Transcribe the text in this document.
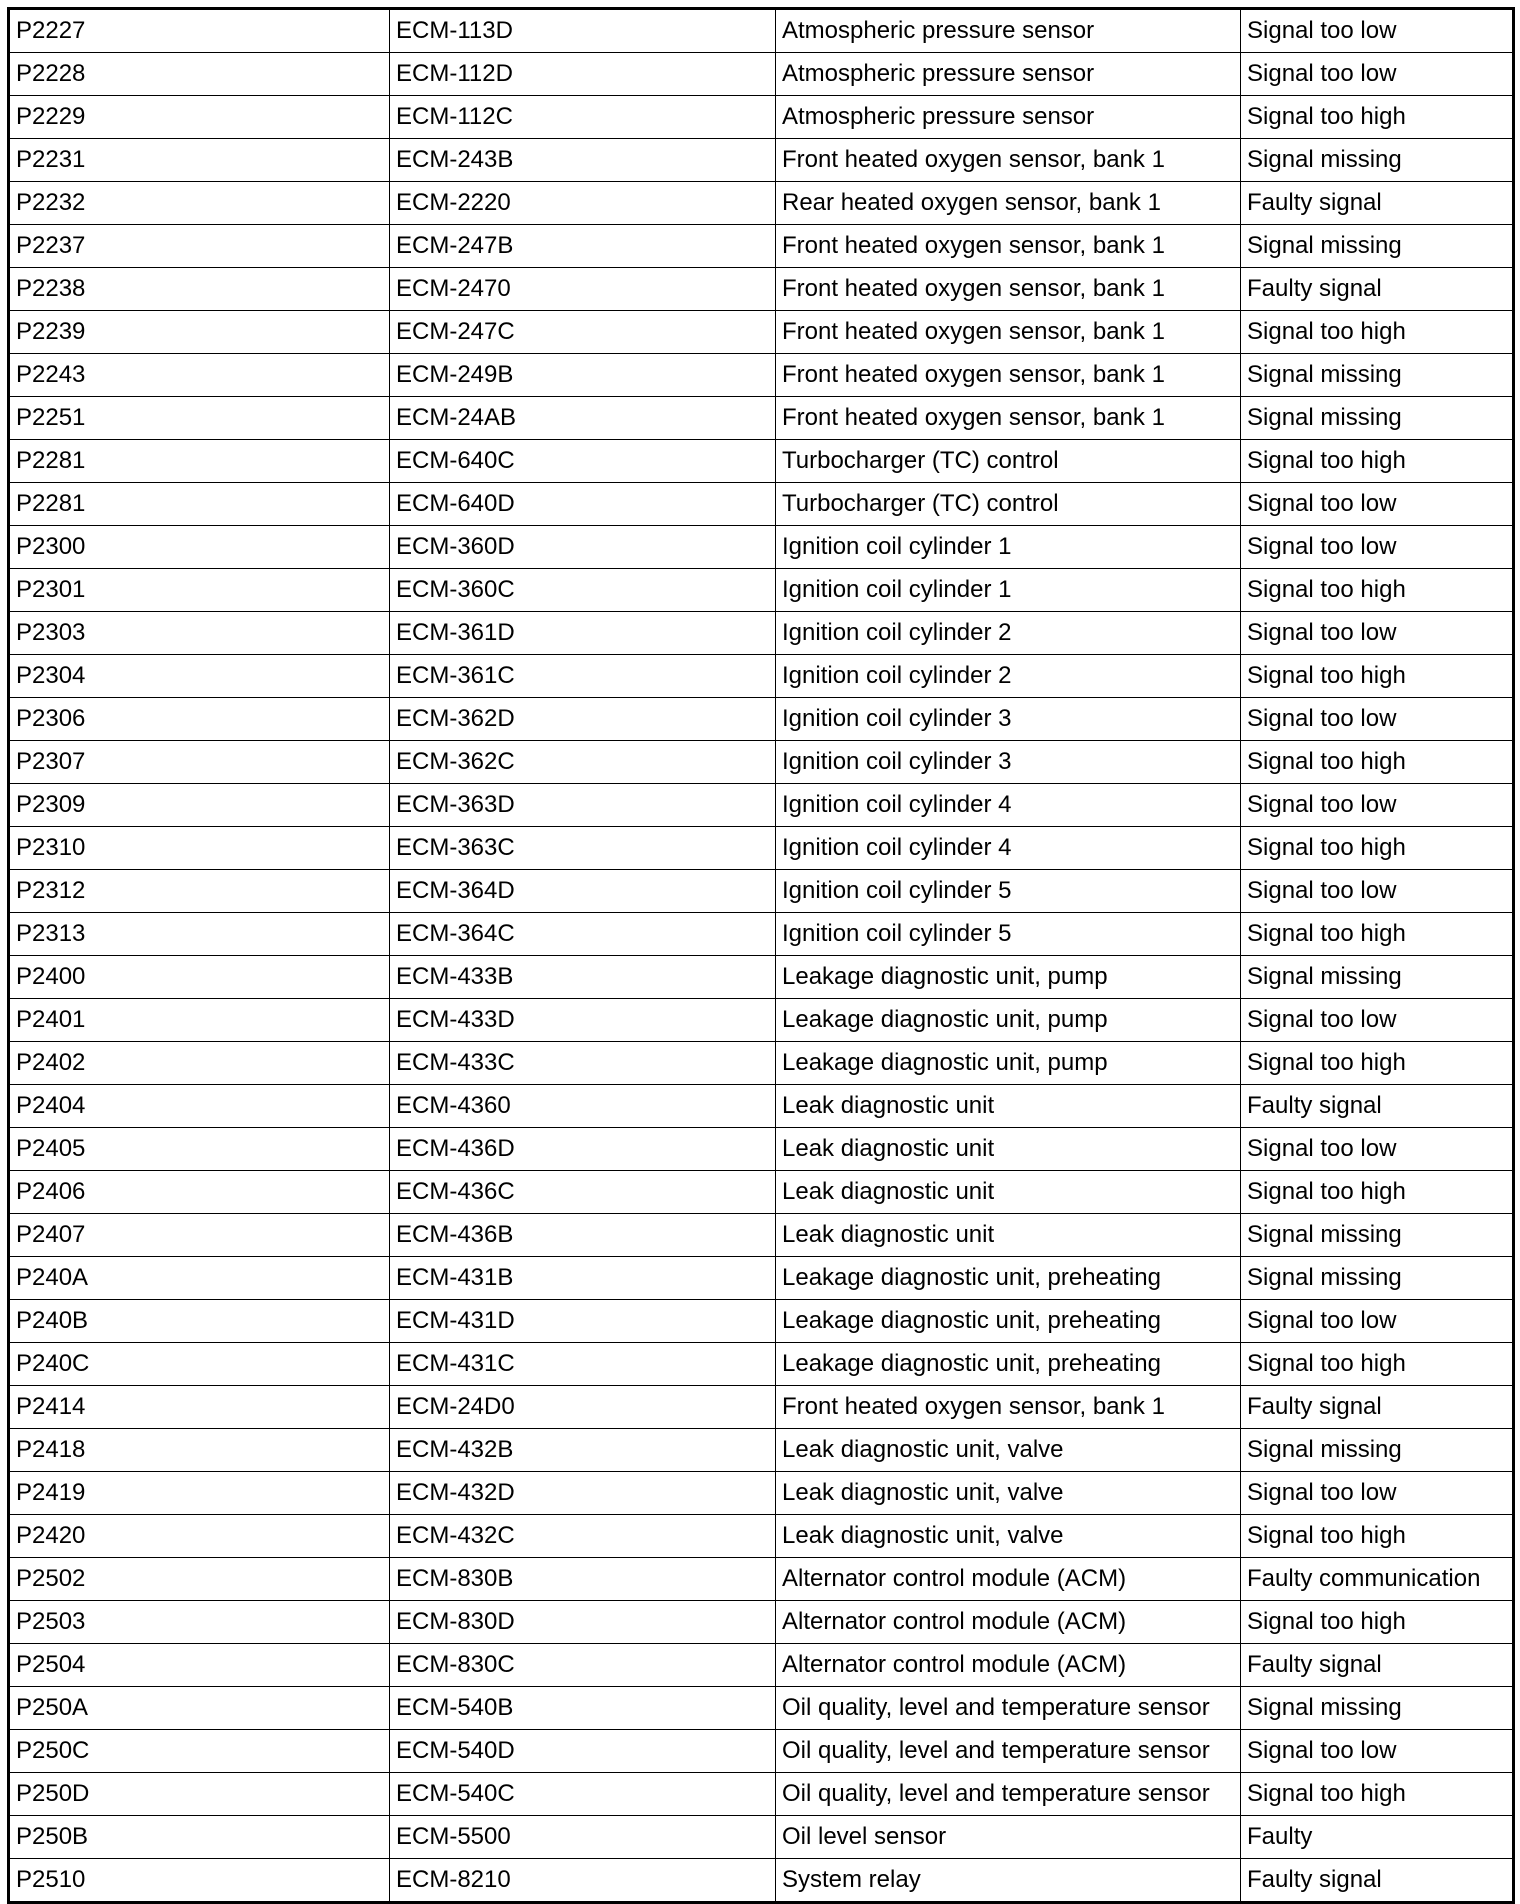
P2227	ECM-113D	Atmospheric pressure sensor	Signal too low
P2228	ECM-112D	Atmospheric pressure sensor	Signal too low
P2229	ECM-112C	Atmospheric pressure sensor	Signal too high
P2231	ECM-243B	Front heated oxygen sensor, bank 1	Signal missing
P2232	ECM-2220	Rear heated oxygen sensor, bank 1	Faulty signal
P2237	ECM-247B	Front heated oxygen sensor, bank 1	Signal missing
P2238	ECM-2470	Front heated oxygen sensor, bank 1	Faulty signal
P2239	ECM-247C	Front heated oxygen sensor, bank 1	Signal too high
P2243	ECM-249B	Front heated oxygen sensor, bank 1	Signal missing
P2251	ECM-24AB	Front heated oxygen sensor, bank 1	Signal missing
P2281	ECM-640C	Turbocharger (TC) control	Signal too high
P2281	ECM-640D	Turbocharger (TC) control	Signal too low
P2300	ECM-360D	Ignition coil cylinder 1	Signal too low
P2301	ECM-360C	Ignition coil cylinder 1	Signal too high
P2303	ECM-361D	Ignition coil cylinder 2	Signal too low
P2304	ECM-361C	Ignition coil cylinder 2	Signal too high
P2306	ECM-362D	Ignition coil cylinder 3	Signal too low
P2307	ECM-362C	Ignition coil cylinder 3	Signal too high
P2309	ECM-363D	Ignition coil cylinder 4	Signal too low
P2310	ECM-363C	Ignition coil cylinder 4	Signal too high
P2312	ECM-364D	Ignition coil cylinder 5	Signal too low
P2313	ECM-364C	Ignition coil cylinder 5	Signal too high
P2400	ECM-433B	Leakage diagnostic unit, pump	Signal missing
P2401	ECM-433D	Leakage diagnostic unit, pump	Signal too low
P2402	ECM-433C	Leakage diagnostic unit, pump	Signal too high
P2404	ECM-4360	Leak diagnostic unit	Faulty signal
P2405	ECM-436D	Leak diagnostic unit	Signal too low
P2406	ECM-436C	Leak diagnostic unit	Signal too high
P2407	ECM-436B	Leak diagnostic unit	Signal missing
P240A	ECM-431B	Leakage diagnostic unit, preheating	Signal missing
P240B	ECM-431D	Leakage diagnostic unit, preheating	Signal too low
P240C	ECM-431C	Leakage diagnostic unit, preheating	Signal too high
P2414	ECM-24D0	Front heated oxygen sensor, bank 1	Faulty signal
P2418	ECM-432B	Leak diagnostic unit, valve	Signal missing
P2419	ECM-432D	Leak diagnostic unit, valve	Signal too low
P2420	ECM-432C	Leak diagnostic unit, valve	Signal too high
P2502	ECM-830B	Alternator control module (ACM)	Faulty communication
P2503	ECM-830D	Alternator control module (ACM)	Signal too high
P2504	ECM-830C	Alternator control module (ACM)	Faulty signal
P250A	ECM-540B	Oil quality, level and temperature sensor	Signal missing
P250C	ECM-540D	Oil quality, level and temperature sensor	Signal too low
P250D	ECM-540C	Oil quality, level and temperature sensor	Signal too high
P250B	ECM-5500	Oil level sensor	Faulty
P2510	ECM-8210	System relay	Faulty signal
